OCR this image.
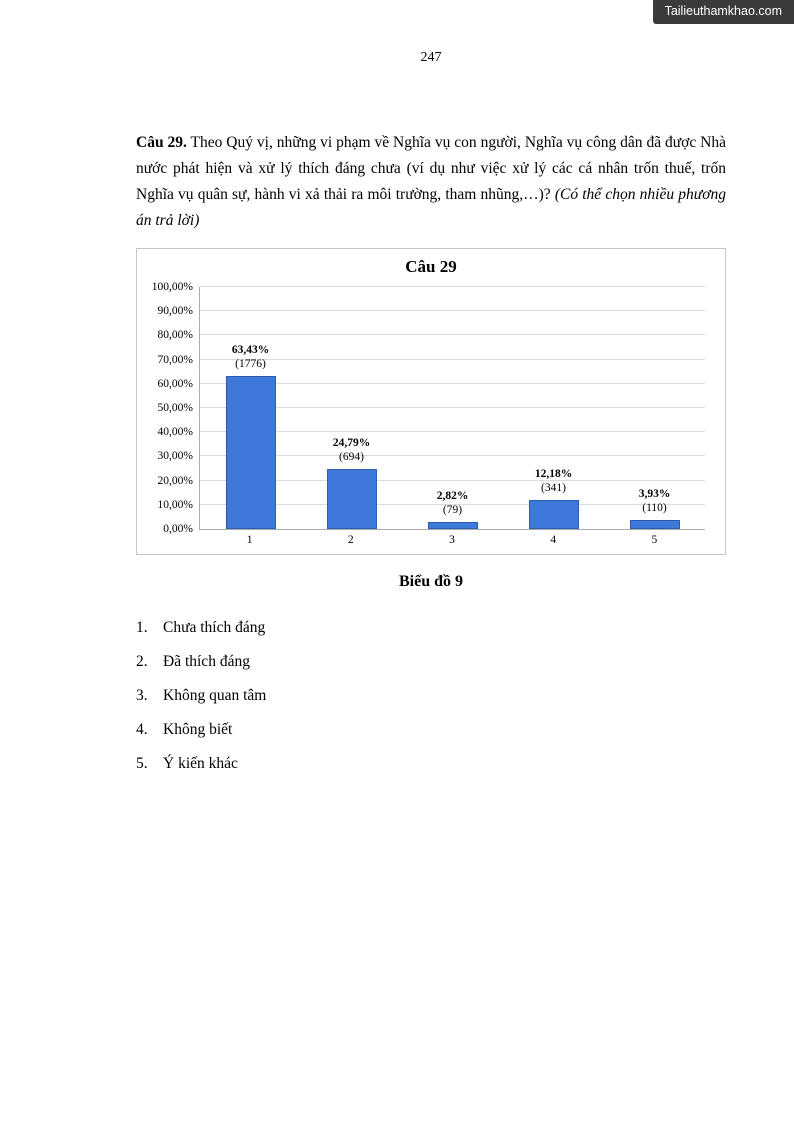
Tailieuthamkhao.com
247

Câu 29. Theo Quý vị, những vi phạm về Nghĩa vụ con người, Nghĩa vụ công dân đã được Nhà nước phát hiện và xử lý thích đáng chưa (ví dụ như việc xử lý các cá nhân trốn thuế, trốn Nghĩa vụ quân sự, hành vi xả thải ra môi trường, tham nhũng,…)? (Có thể chọn nhiều phương án trả lời)

Câu 29
100,00%
90,00%
80,00%
70,00%
60,00%
50,00%
40,00%
30,00%
20,00%
10,00%
0,00%
63,43%
(1776)
24,79%
(694)
2,82%
(79)
12,18%
(341)	3,93%
(110)
1	2	3	4	5
Biểu đồ 9
1. Chưa thích đáng
2. Đã thích đáng
3. Không quan tâm
4. Không biết
5. Ý kiến khác
